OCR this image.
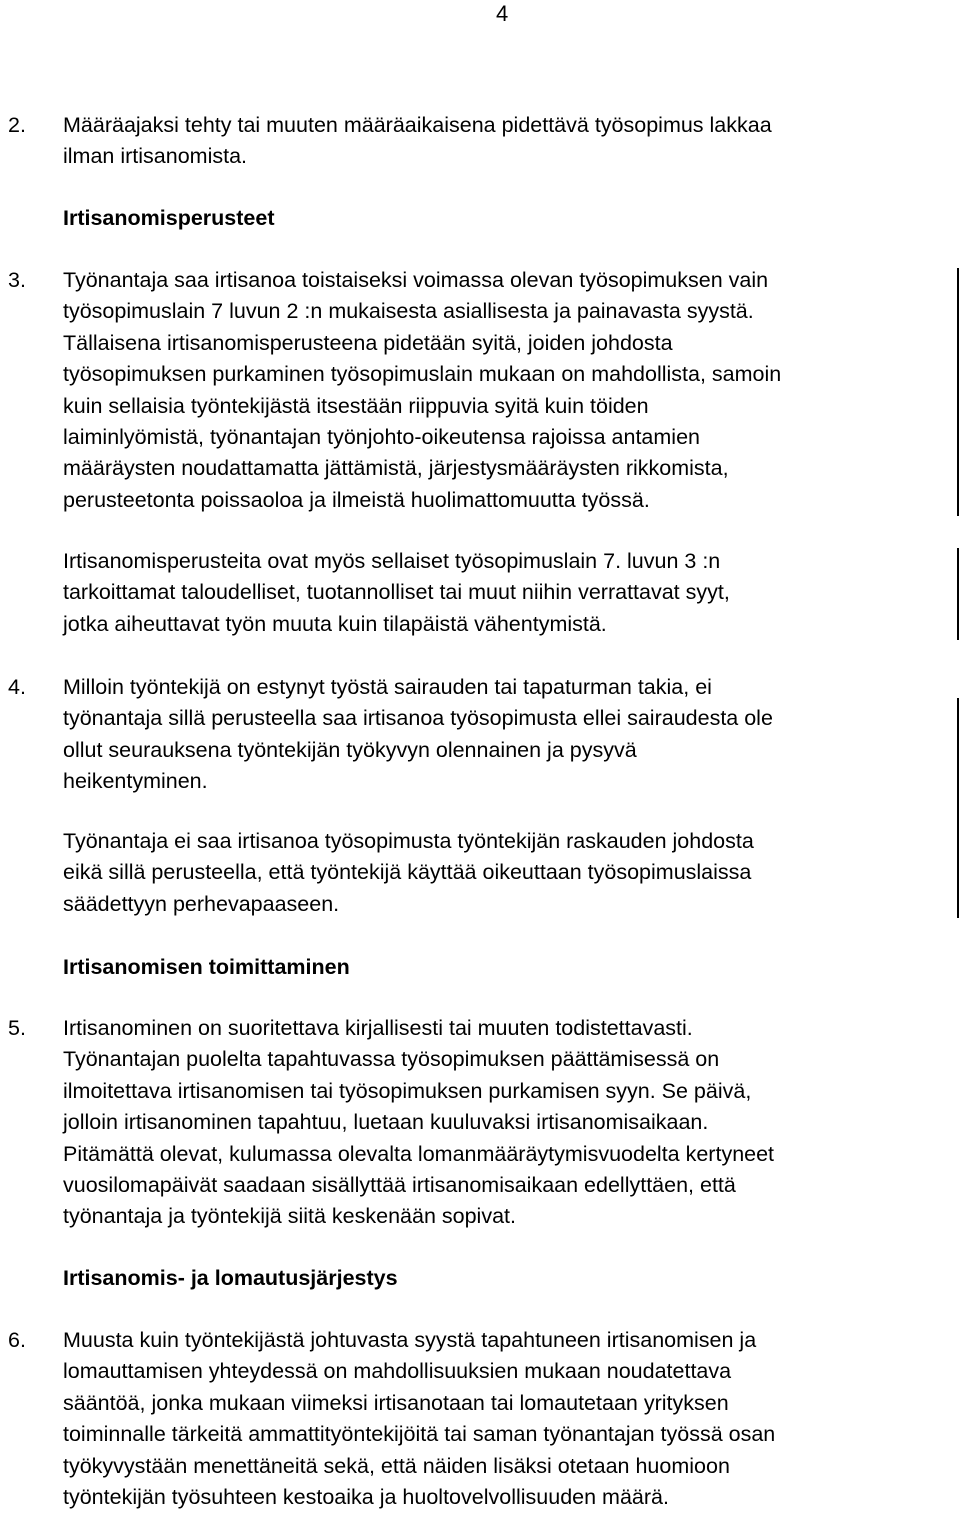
4
2. Määräajaksi tehty tai muuten määräaikaisena pidettävä työsopimus lakkaa

ilman irtisanomista.

Irtisanomisperusteet
3. Työnantaja saa irtisanoa toistaiseksi voimassa olevan työsopimuksen vain

työsopimuslain 7 luvun 2 :n mukaisesta asiallisesta ja painavasta syystä.

Tällaisena irtisanomisperusteena pidetään syitä, joiden johdosta

työsopimuksen purkaminen työsopimuslain mukaan on mahdollista, samoin

kuin sellaisia työntekijästä itsestään riippuvia syitä kuin töiden

laiminlyömistä, työnantajan työnjohto-oikeutensa rajoissa antamien

määräysten noudattamatta jättämistä, järjestysmääräysten rikkomista,

perusteetonta poissaoloa ja ilmeistä huolimattomuutta työssä.

Irtisanomisperusteita ovat myös sellaiset työsopimuslain 7. luvun 3 :n

tarkoittamat taloudelliset, tuotannolliset tai muut niihin verrattavat syyt,

jotka aiheuttavat työn muuta kuin tilapäistä vähentymistä.

4. Milloin työntekijä on estynyt työstä sairauden tai tapaturman takia, ei

työnantaja sillä perusteella saa irtisanoa työsopimusta ellei sairaudesta ole

ollut seurauksena työntekijän työkyvyn olennainen ja pysyvä

heikentyminen.

Työnantaja ei saa irtisanoa työsopimusta työntekijän raskauden johdosta

eikä sillä perusteella, että työntekijä käyttää oikeuttaan työsopimuslaissa

säädettyyn perhevapaaseen.

Irtisanomisen toimittaminen
5. Irtisanominen on suoritettava kirjallisesti tai muuten todistettavasti.

Työnantajan puolelta tapahtuvassa työsopimuksen päättämisessä on

ilmoitettava irtisanomisen tai työsopimuksen purkamisen syyn. Se päivä,

jolloin irtisanominen tapahtuu, luetaan kuuluvaksi irtisanomisaikaan.

Pitämättä olevat, kulumassa olevalta lomanmääräytymisvuodelta kertyneet

vuosilomapäivät saadaan sisällyttää irtisanomisaikaan edellyttäen, että

työnantaja ja työntekijä siitä keskenään sopivat.

Irtisanomis- ja lomautusjärjestys
6. Muusta kuin työntekijästä johtuvasta syystä tapahtuneen irtisanomisen ja

lomauttamisen yhteydessä on mahdollisuuksien mukaan noudatettava

sääntöä, jonka mukaan viimeksi irtisanotaan tai lomautetaan yrityksen

toiminnalle tärkeitä ammattityöntekijöitä tai saman työnantajan työssä osan

työkyvystään menettäneitä sekä, että näiden lisäksi otetaan huomioon

työntekijän työsuhteen kestoaika ja huoltovelvollisuuden määrä.
